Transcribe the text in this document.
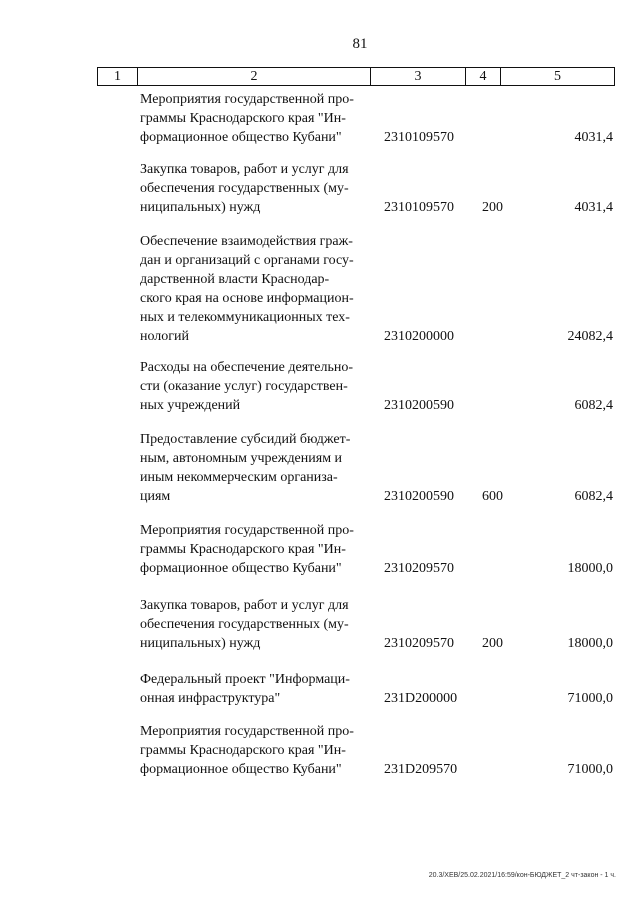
81
1	2	3	4	5
Мероприятия государственной про-
граммы Краснодарского края "Ин-
формационное общество Кубани"	2310109570	4031,4
Закупка товаров, работ и услуг для
обеспечения государственных (му-
ниципальных) нужд	2310109570 200	4031,4
Обеспечение взаимодействия граж-
дан и организаций с органами госу-
дарственной власти Краснодар-
ского края на основе информацион-
ных и телекоммуникационных тех-
нологий	2310200000	24082,4
Расходы на обеспечение деятельно-
сти (оказание услуг) государствен-
ных учреждений	2310200590	6082,4
Предоставление субсидий бюджет-
ным, автономным учреждениям и
иным некоммерческим организа-
циям	2310200590 600	6082,4
Мероприятия государственной про-
граммы Краснодарского края "Ин-
формационное общество Кубани"	2310209570	18000,0
Закупка товаров, работ и услуг для
обеспечения государственных (му-
ниципальных) нужд	2310209570 200	18000,0
Федеральный проект "Информаци-
онная инфраструктура"	231D200000	71000,0
Мероприятия государственной про-
граммы Краснодарского края "Ин-
формационное общество Кубани"	231D209570	71000,0
20.3/XEB/25.02.2021/16:59/кон-БЮДЖЕТ_2 чт-закон - 1 ч.
